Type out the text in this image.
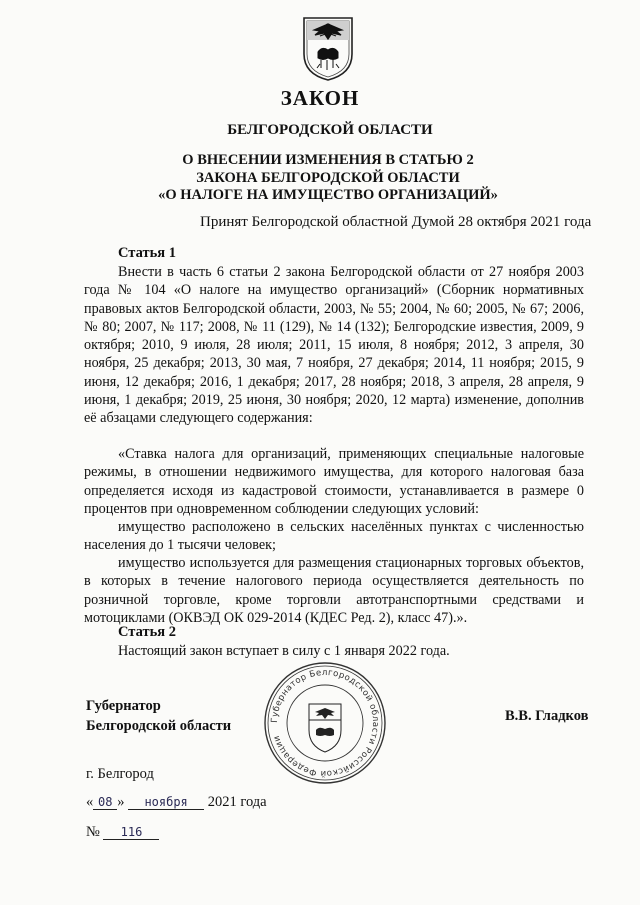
ЗАКОН
БЕЛГОРОДСКОЙ ОБЛАСТИ
О ВНЕСЕНИИ ИЗМЕНЕНИЯ В СТАТЬЮ 2
ЗАКОНА БЕЛГОРОДСКОЙ ОБЛАСТИ
«О НАЛОГЕ НА ИМУЩЕСТВО ОРГАНИЗАЦИЙ»
Принят Белгородской областной Думой 28 октября 2021 года
Статья 1

Внести в часть 6 статьи 2 закона Белгородской области от 27 ноября 2003 года № 104 «О налоге на имущество организаций» (Сборник нормативных правовых актов Белгородской области, 2003, № 55; 2004, № 60; 2005, № 67; 2006, № 80; 2007, № 117; 2008, № 11 (129), № 14 (132); Белгородские известия, 2009, 9 октября; 2010, 9 июля, 28 июля; 2011, 15 июля, 8 ноября; 2012, 3 апреля, 30 ноября, 25 декабря; 2013, 30 мая, 7 ноября, 27 декабря; 2014, 11 ноября; 2015, 9 июня, 12 декабря; 2016, 1 декабря; 2017, 28 ноября; 2018, 3 апреля, 28 апреля, 9 июня, 1 декабря; 2019, 25 июня, 30 ноября; 2020, 12 марта) изменение, дополнив её абзацами следующего содержания:

«Ставка налога для организаций, применяющих специальные налоговые режимы, в отношении недвижимого имущества, для которого налоговая база определяется исходя из кадастровой стоимости, устанавливается в размере 0 процентов при одновременном соблюдении следующих условий:

имущество расположено в сельских населённых пунктах с численностью населения до 1 тысячи человек;

имущество используется для размещения стационарных торговых объектов, в которых в течение налогового периода осуществляется деятельность по розничной торговле, кроме торговли автотранспортными средствами и мотоциклами (ОКВЭД ОК 029-2014 (КДЕС Ред. 2), класс 47).».

Статья 2

Настоящий закон вступает в силу с 1 января 2022 года.

Губернатор
Белгородской области	Губернатор Белгородской области Российской Федерации
В.В. Гладков
г. Белгород
« 08 » ноября 2021 года
№ 116
